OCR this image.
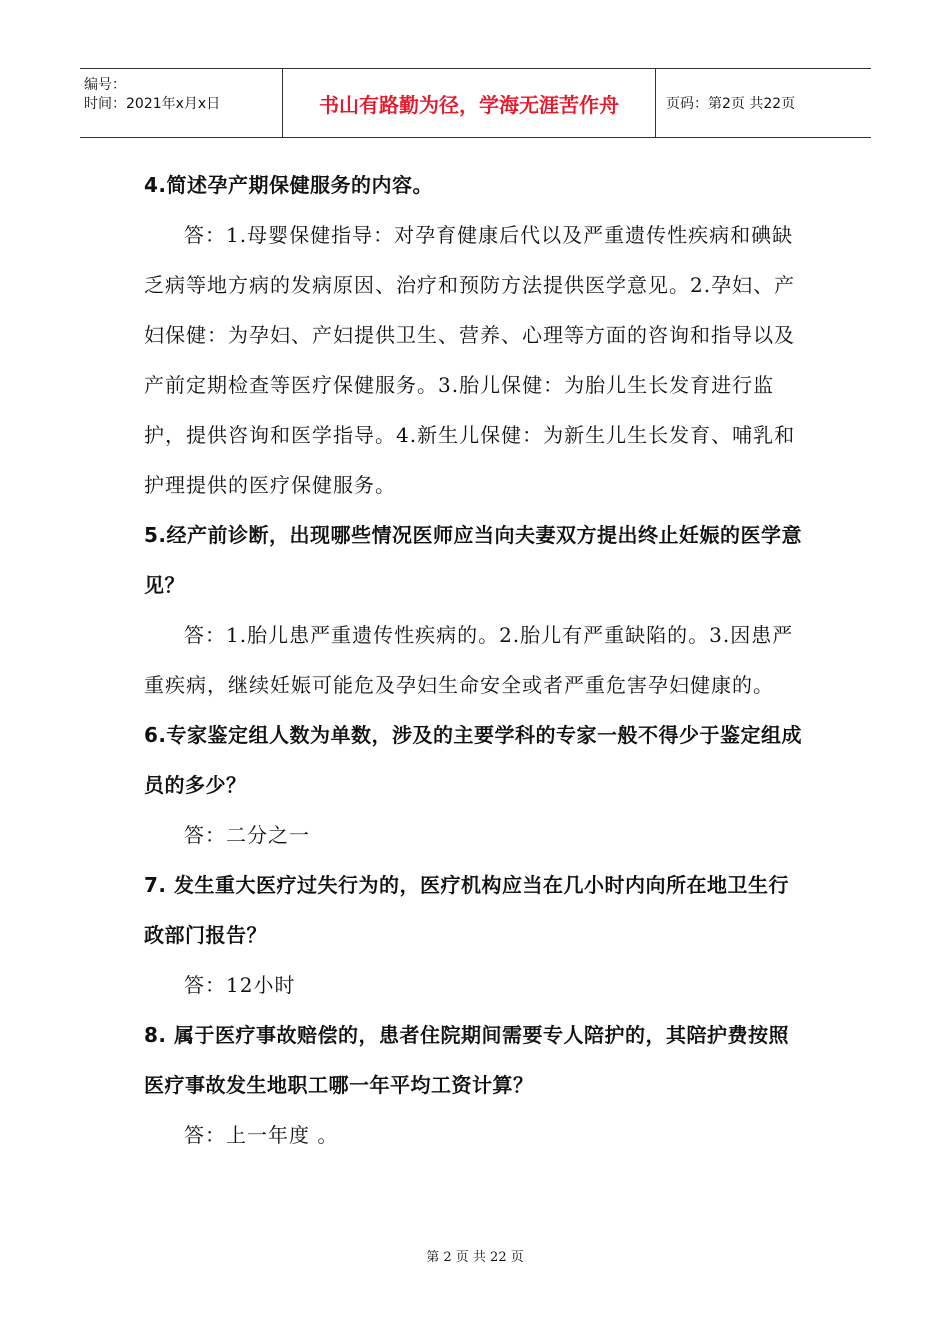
编号：
时间：2021年x月x日	书山有路勤为径，学海无涯苦作舟	页码：第2页 共22页
4.简述孕产期保健服务的内容。
答：1.母婴保健指导：对孕育健康后代以及严重遗传性疾病和碘缺乏病等地方病的发病原因、治疗和预防方法提供医学意见。2.孕妇、产妇保健：为孕妇、产妇提供卫生、营养、心理等方面的咨询和指导以及产前定期检查等医疗保健服务。3.胎儿保健：为胎儿生长发育进行监护，提供咨询和医学指导。4.新生儿保健：为新生儿生长发育、哺乳和护理提供的医疗保健服务。
5.经产前诊断，出现哪些情况医师应当向夫妻双方提出终止妊娠的医学意见？
答：1.胎儿患严重遗传性疾病的。2.胎儿有严重缺陷的。3.因患严重疾病，继续妊娠可能危及孕妇生命安全或者严重危害孕妇健康的。
6.专家鉴定组人数为单数，涉及的主要学科的专家一般不得少于鉴定组成员的多少？
答：二分之一
7. 发生重大医疗过失行为的，医疗机构应当在几小时内向所在地卫生行政部门报告？
答：12小时
8. 属于医疗事故赔偿的，患者住院期间需要专人陪护的，其陪护费按照医疗事故发生地职工哪一年平均工资计算？
答：上一年度 。
第 2 页 共 22 页
